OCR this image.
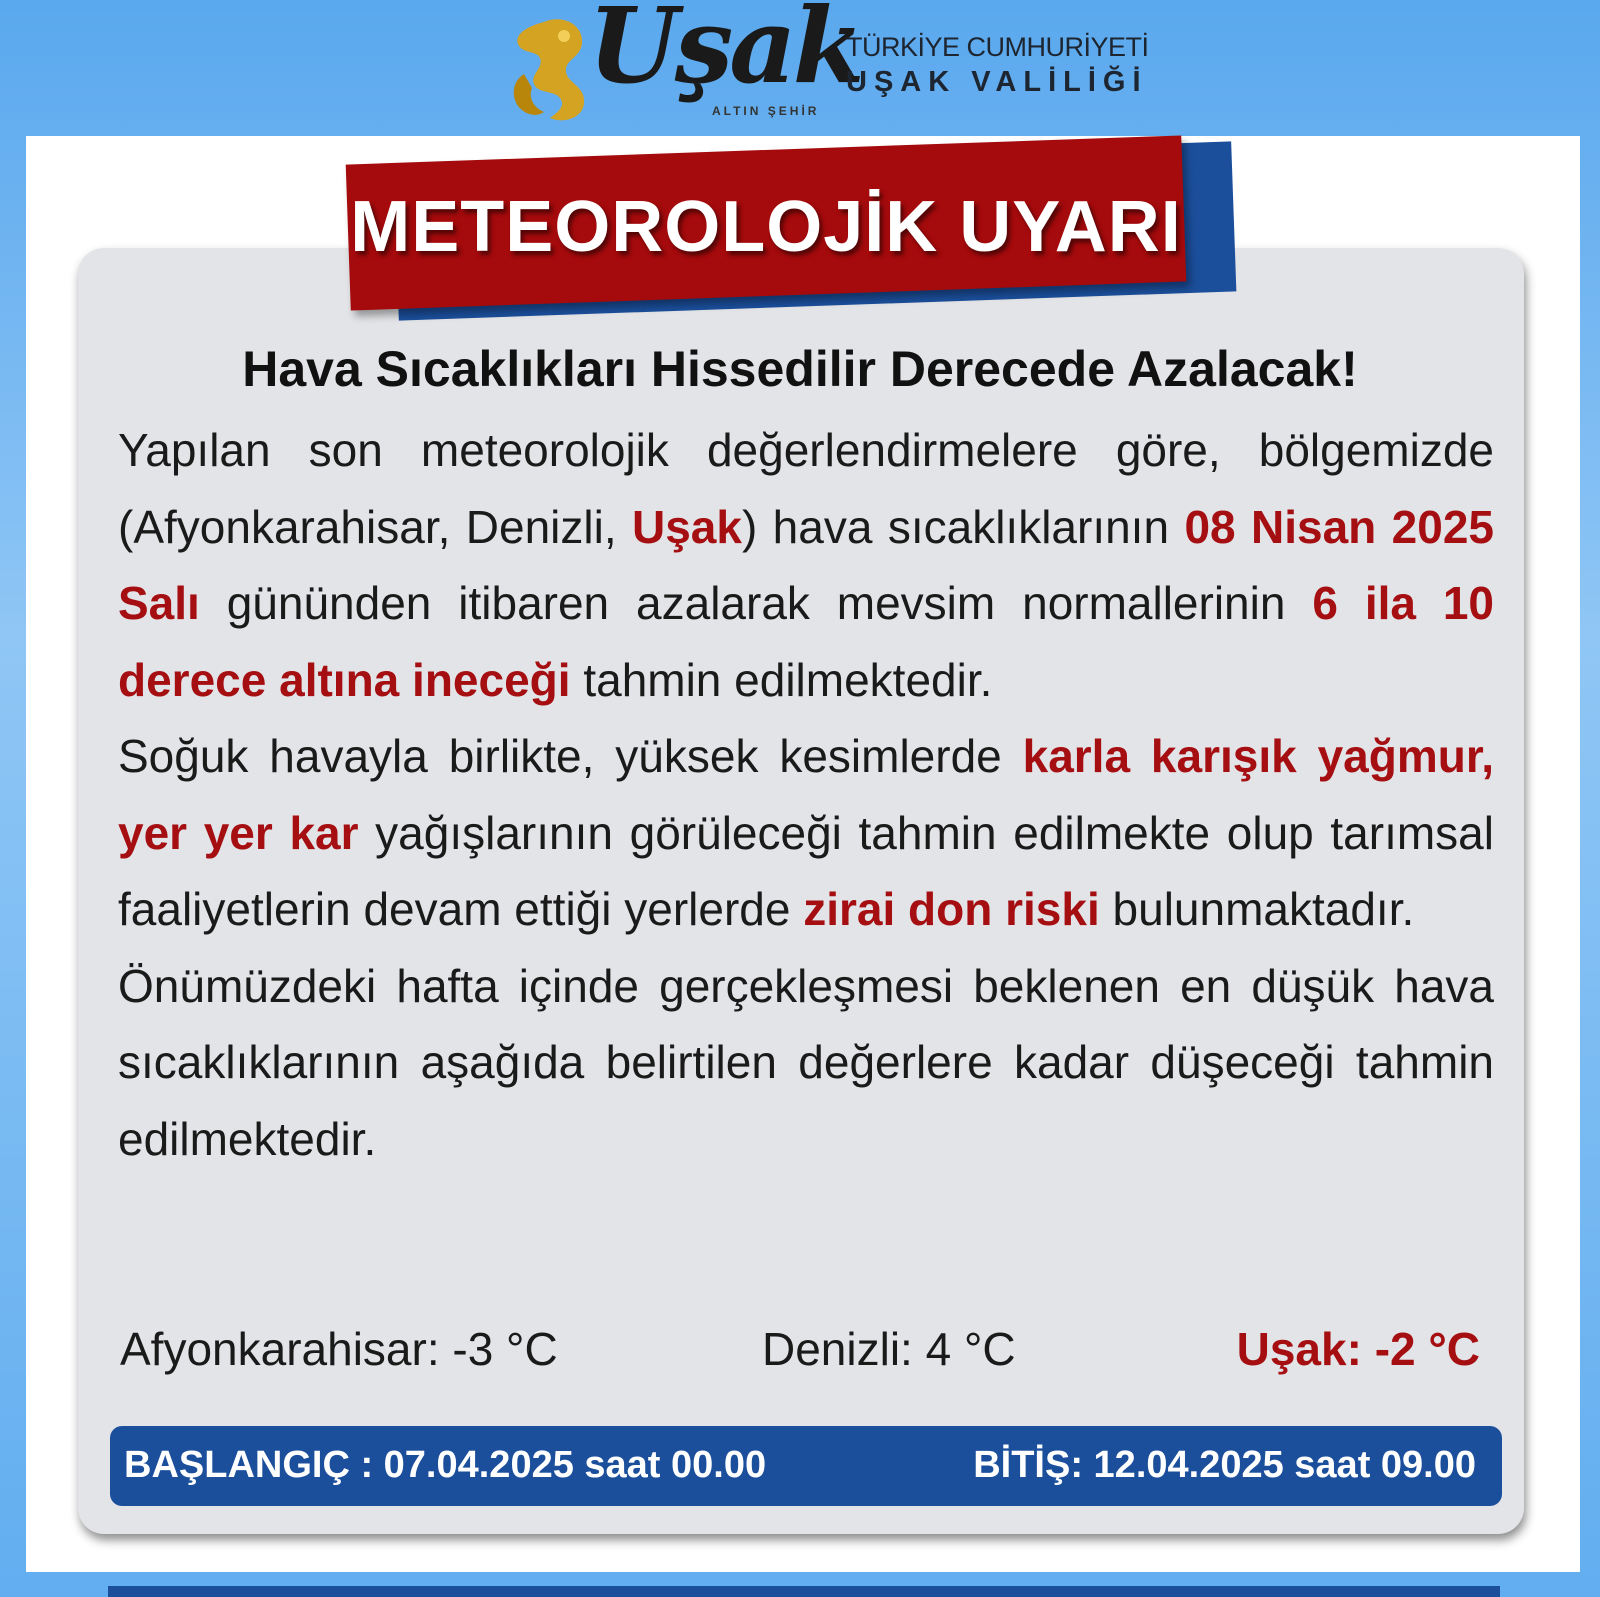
Uşak
ALTIN ŞEHİR
TÜRKİYE CUMHURİYETİ
UŞAK VALİLİĞİ
METEOROLOJİK UYARI
Hava Sıcaklıkları Hissedilir Derecede Azalacak!

Yapılan son meteorolojik değerlendirmelere göre, bölgemizde (Afyonkarahisar, Denizli, Uşak) hava sıcaklıklarının 08 Nisan 2025 Salı gününden itibaren azalarak mevsim normallerinin 6 ila 10 derece altına ineceği tahmin edilmektedir.

Soğuk havayla birlikte, yüksek kesimlerde karla karışık yağmur, yer yer kar yağışlarının görüleceği tahmin edilmekte olup tarımsal faaliyetlerin devam ettiği yerlerde zirai don riski bulunmaktadır.

Önümüzdeki hafta içinde gerçekleşmesi beklenen en düşük hava sıcaklıklarının aşağıda belirtilen değerlere kadar düşeceği tahmin edilmektedir.

Afyonkarahisar: -3 °C	Denizli: 4 °C	Uşak: -2 °C
BAŞLANGIÇ : 07.04.2025 saat 00.00	BİTİŞ: 12.04.2025 saat 09.00
